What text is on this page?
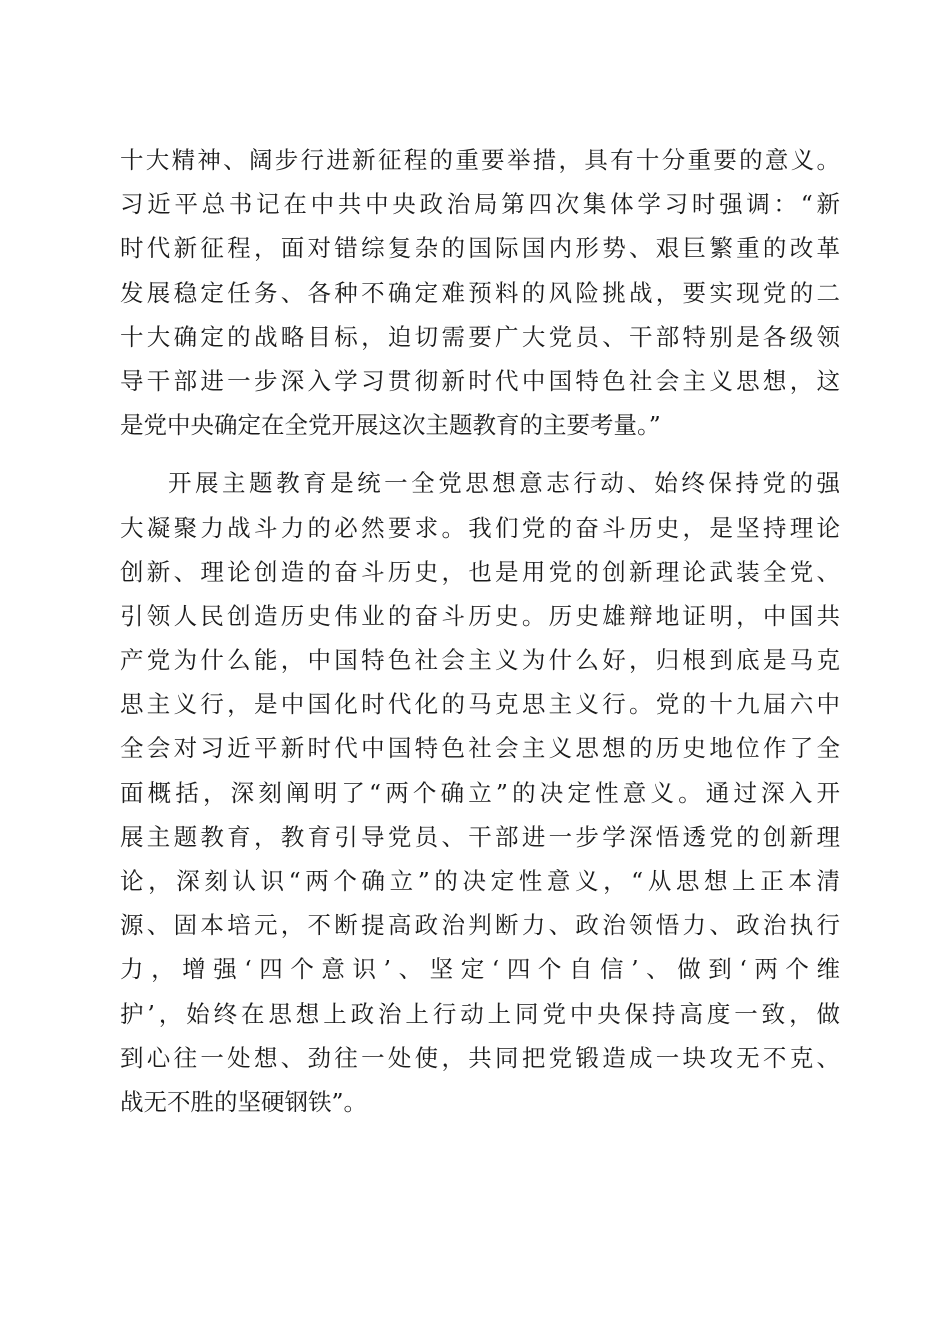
十大精神、阔步行进新征程的重要举措，具有十分重要的意义。
习近平总书记在中共中央政治局第四次集体学习时强调：“新
时代新征程，面对错综复杂的国际国内形势、艰巨繁重的改革
发展稳定任务、各种不确定难预料的风险挑战，要实现党的二
十大确定的战略目标，迫切需要广大党员、干部特别是各级领
导干部进一步深入学习贯彻新时代中国特色社会主义思想，这
是党中央确定在全党开展这次主题教育的主要考量。”
开展主题教育是统一全党思想意志行动、始终保持党的强
大凝聚力战斗力的必然要求。我们党的奋斗历史，是坚持理论
创新、理论创造的奋斗历史，也是用党的创新理论武装全党、
引领人民创造历史伟业的奋斗历史。历史雄辩地证明，中国共
产党为什么能，中国特色社会主义为什么好，归根到底是马克
思主义行，是中国化时代化的马克思主义行。党的十九届六中
全会对习近平新时代中国特色社会主义思想的历史地位作了全
面概括，深刻阐明了“两个确立”的决定性意义。通过深入开
展主题教育，教育引导党员、干部进一步学深悟透党的创新理
论，深刻认识“两个确立”的决定性意义，“从思想上正本清
源、固本培元，不断提高政治判断力、政治领悟力、政治执行
力，增强‘四个意识’、坚定‘四个自信’、做到‘两个维
护’，始终在思想上政治上行动上同党中央保持高度一致，做
到心往一处想、劲往一处使，共同把党锻造成一块攻无不克、
战无不胜的坚硬钢铁”。
